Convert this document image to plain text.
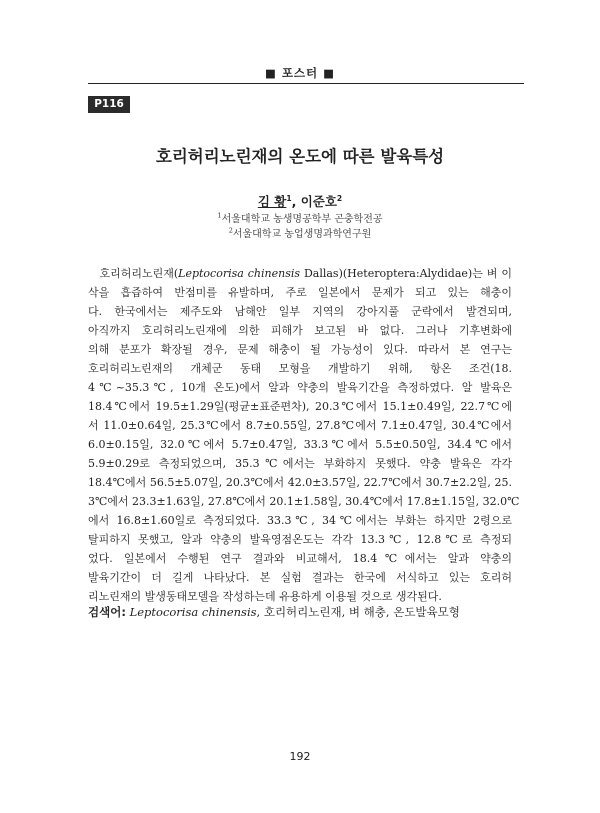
■ 포스터 ■
P116
호리허리노린재의 온도에 따른 발육특성
김 황$^1$, 이준호$^2$
$^1$서울대학교 농생명공학부 곤충학전공
$^2$서울대학교 농업생명과학연구원
　호리허리노린재(Leptocorisa chinensis Dallas)(Heteroptera:Alydidae)는 벼 이
삭을 흡즙하여 반점미를 유발하며, 주로 일본에서 문제가 되고 있는 해충이
다. 한국에서는 제주도와 남해안 일부 지역의 강아지풀 군락에서 발견되며,
아직까지 호리허리노린재에 의한 피해가 보고된 바 없다. 그러나 기후변화에
의해 분포가 확장될 경우, 문제 해충이 될 가능성이 있다. 따라서 본 연구는
호리허리노린재의 개체군 동태 모형을 개발하기 위해, 항온 조건(18.
4℃~35.3℃, 10개 온도)에서 알과 약충의 발육기간을 측정하였다. 알 발육은
18.4℃에서 19.5±1.29일(평균±표준편차), 20.3℃에서 15.1±0.49일, 22.7℃에
서 11.0±0.64일, 25.3℃에서 8.7±0.55일, 27.8℃에서 7.1±0.47일, 30.4℃에서
6.0±0.15일, 32.0℃에서 5.7±0.47일, 33.3℃에서 5.5±0.50일, 34.4℃에서
5.9±0.29로 측정되었으며, 35.3℃에서는 부화하지 못했다. 약충 발육은 각각
18.4℃에서 56.5±5.07일, 20.3℃에서 42.0±3.57일, 22.7℃에서 30.7±2.2일, 25.
3℃에서 23.3±1.63일, 27.8℃에서 20.1±1.58일, 30.4℃에서 17.8±1.15일, 32.0℃
에서 16.8±1.60일로 측정되었다. 33.3℃, 34℃에서는 부화는 하지만 2령으로
탈피하지 못했고, 알과 약충의 발육영점온도는 각각 13.3℃, 12.8℃로 측정되
었다. 일본에서 수행된 연구 결과와 비교해서, 18.4℃에서는 알과 약충의
발육기간이 더 길게 나타났다. 본 실험 결과는 한국에 서식하고 있는 호리허
리노린재의 발생동태모델을 작성하는데 유용하게 이용될 것으로 생각된다.
검색어: Leptocorisa chinensis, 호리허리노린재, 벼 해충, 온도발육모형
192
